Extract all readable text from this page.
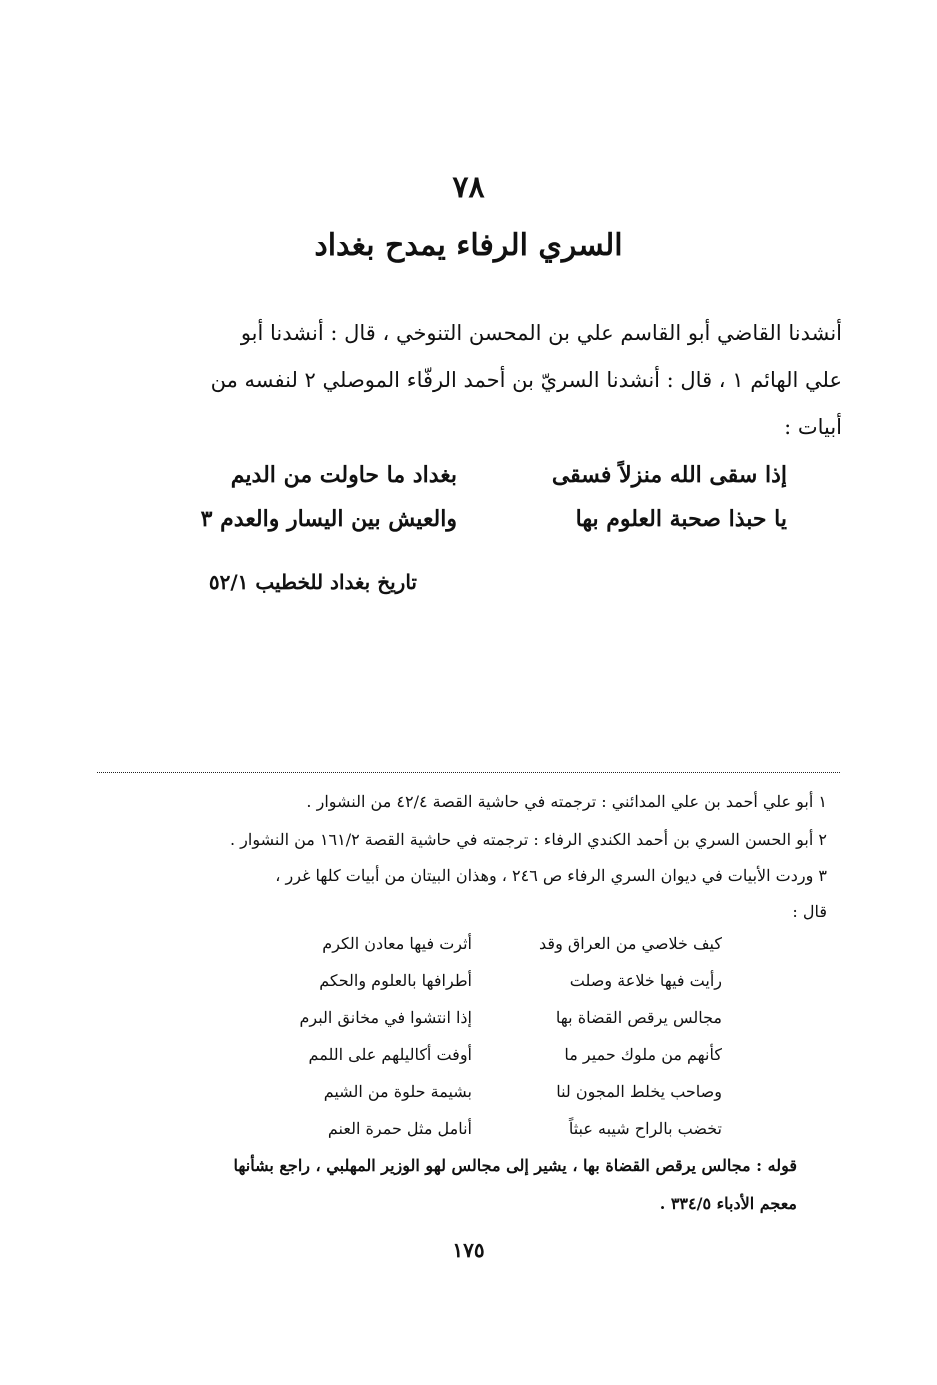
٧٨
السري الرفاء يمدح بغداد
أنشدنا القاضي أبو القاسم علي بن المحسن التنوخي ، قال : أنشدنا أبو
علي الهائم ١ ، قال : أنشدنا السريّ بن أحمد الرفّاء الموصلي ٢ لنفسه من
أبيات :
إذا سقى الله منزلاً فسقى
بغداد ما حاولت من الديم
يا حبذا صحبة العلوم بها
والعيش بين اليسار والعدم ٣
تاريخ بغداد للخطيب ٥٢/١
١ أبو علي أحمد بن علي المدائني : ترجمته في حاشية القصة ٤٢/٤ من النشوار .
٢ أبو الحسن السري بن أحمد الكندي الرفاء : ترجمته في حاشية القصة ١٦١/٢ من النشوار .
٣ وردت الأبيات في ديوان السري الرفاء ص ٢٤٦ ، وهذان البيتان من أبيات كلها غرر ،
قال :
كيف خلاصي من العراق وقد
أثرت فيها معادن الكرم
رأيت فيها خلاعة وصلت
أطرافها بالعلوم والحكم
مجالس يرقص القضاة بها
إذا انتشوا في مخانق البرم
كأنهم من ملوك حمير ما
أوفت أكاليلهم على اللمم
وصاحب يخلط المجون لنا
بشيمة حلوة من الشيم
تخضب بالراح شيبه عبثاً
أنامل مثل حمرة العنم
قوله : مجالس يرقص القضاة بها ، يشير إلى مجالس لهو الوزير المهلبي ، راجع بشأنها
معجم الأدباء ٣٣٤/٥ .
١٧٥
